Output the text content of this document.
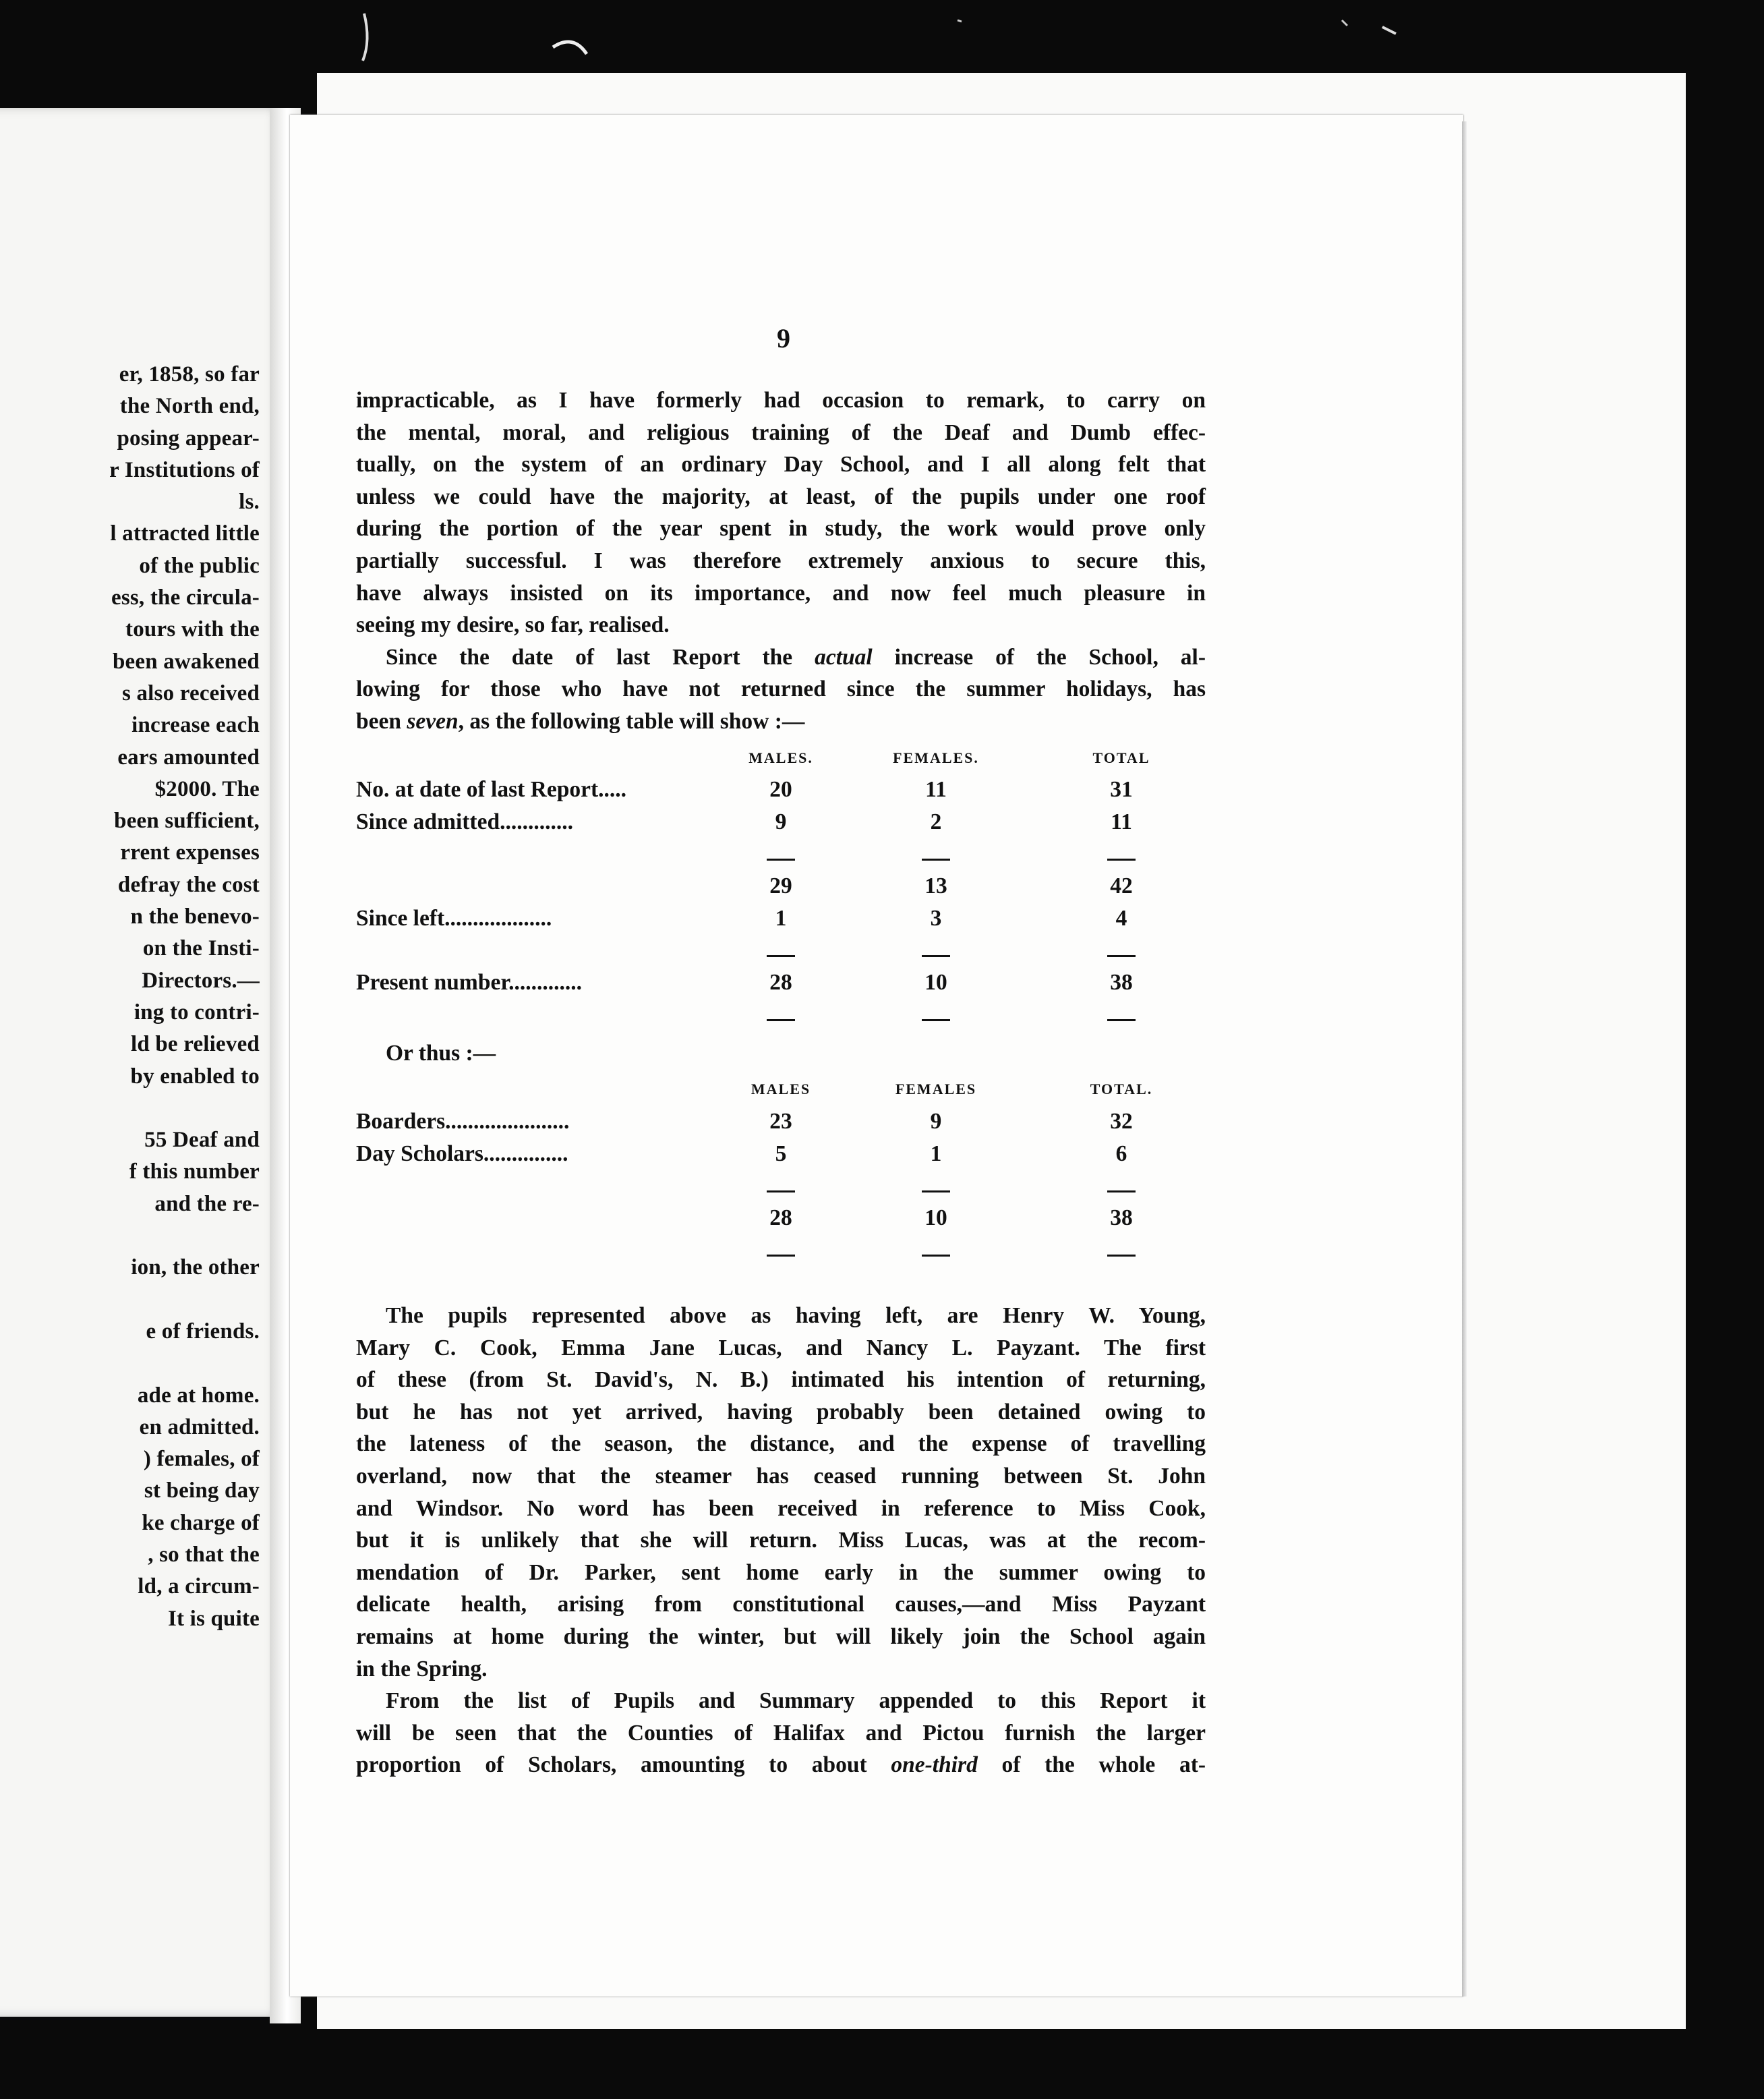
er, 1858, so far
the North end,
posing appear-
r Institutions of
ls.
l attracted little
of the public
ess, the circula-
tours with the
been awakened
s also received
increase each
ears amounted
$2000. The
been sufficient,
rrent expenses
defray the cost
n the benevo-
on the Insti-
Directors.—
ing to contri-
ld be relieved
by enabled to
55 Deaf and
f this number
and the re-
ion, the other
e of friends.
ade at home.
en admitted.
) females, of
st being day
ke charge of
, so that the
ld, a circum-
It is quite
9

impracticable, as I have formerly had occasion to remark, to carry on
the mental, moral, and religious training of the Deaf and Dumb effec-
tually, on the system of an ordinary Day School, and I all along felt that
unless we could have the majority, at least, of the pupils under one roof
during the portion of the year spent in study, the work would prove only
partially successful. I was therefore extremely anxious to secure this,
have always insisted on its importance, and now feel much pleasure in
seeing my desire, so far, realised.

Since the date of last Report the actual increase of the School, al-
lowing for those who have not returned since the summer holidays, has
been seven, as the following table will show :—

	MALES.	FEMALES.	TOTAL
No. at date of last Report.....	20	11	31
Since admitted.............	9	2	11

	29	13	42
Since left...................	1	3	4

Present number.............	28	10	38

Or thus :—

	MALES	FEMALES	TOTAL.
Boarders......................	23	9	32
Day Scholars...............	5	1	6

	28	10	38

The pupils represented above as having left, are Henry W. Young,
Mary C. Cook, Emma Jane Lucas, and Nancy L. Payzant. The first
of these (from St. David's, N. B.) intimated his intention of returning,
but he has not yet arrived, having probably been detained owing to
the lateness of the season, the distance, and the expense of travelling
overland, now that the steamer has ceased running between St. John
and Windsor. No word has been received in reference to Miss Cook,
but it is unlikely that she will return. Miss Lucas, was at the recom-
mendation of Dr. Parker, sent home early in the summer owing to
delicate health, arising from constitutional causes,—and Miss Payzant
remains at home during the winter, but will likely join the School again
in the Spring.

From the list of Pupils and Summary appended to this Report it
will be seen that the Counties of Halifax and Pictou furnish the larger
proportion of Scholars, amounting to about one-third of the whole at-
